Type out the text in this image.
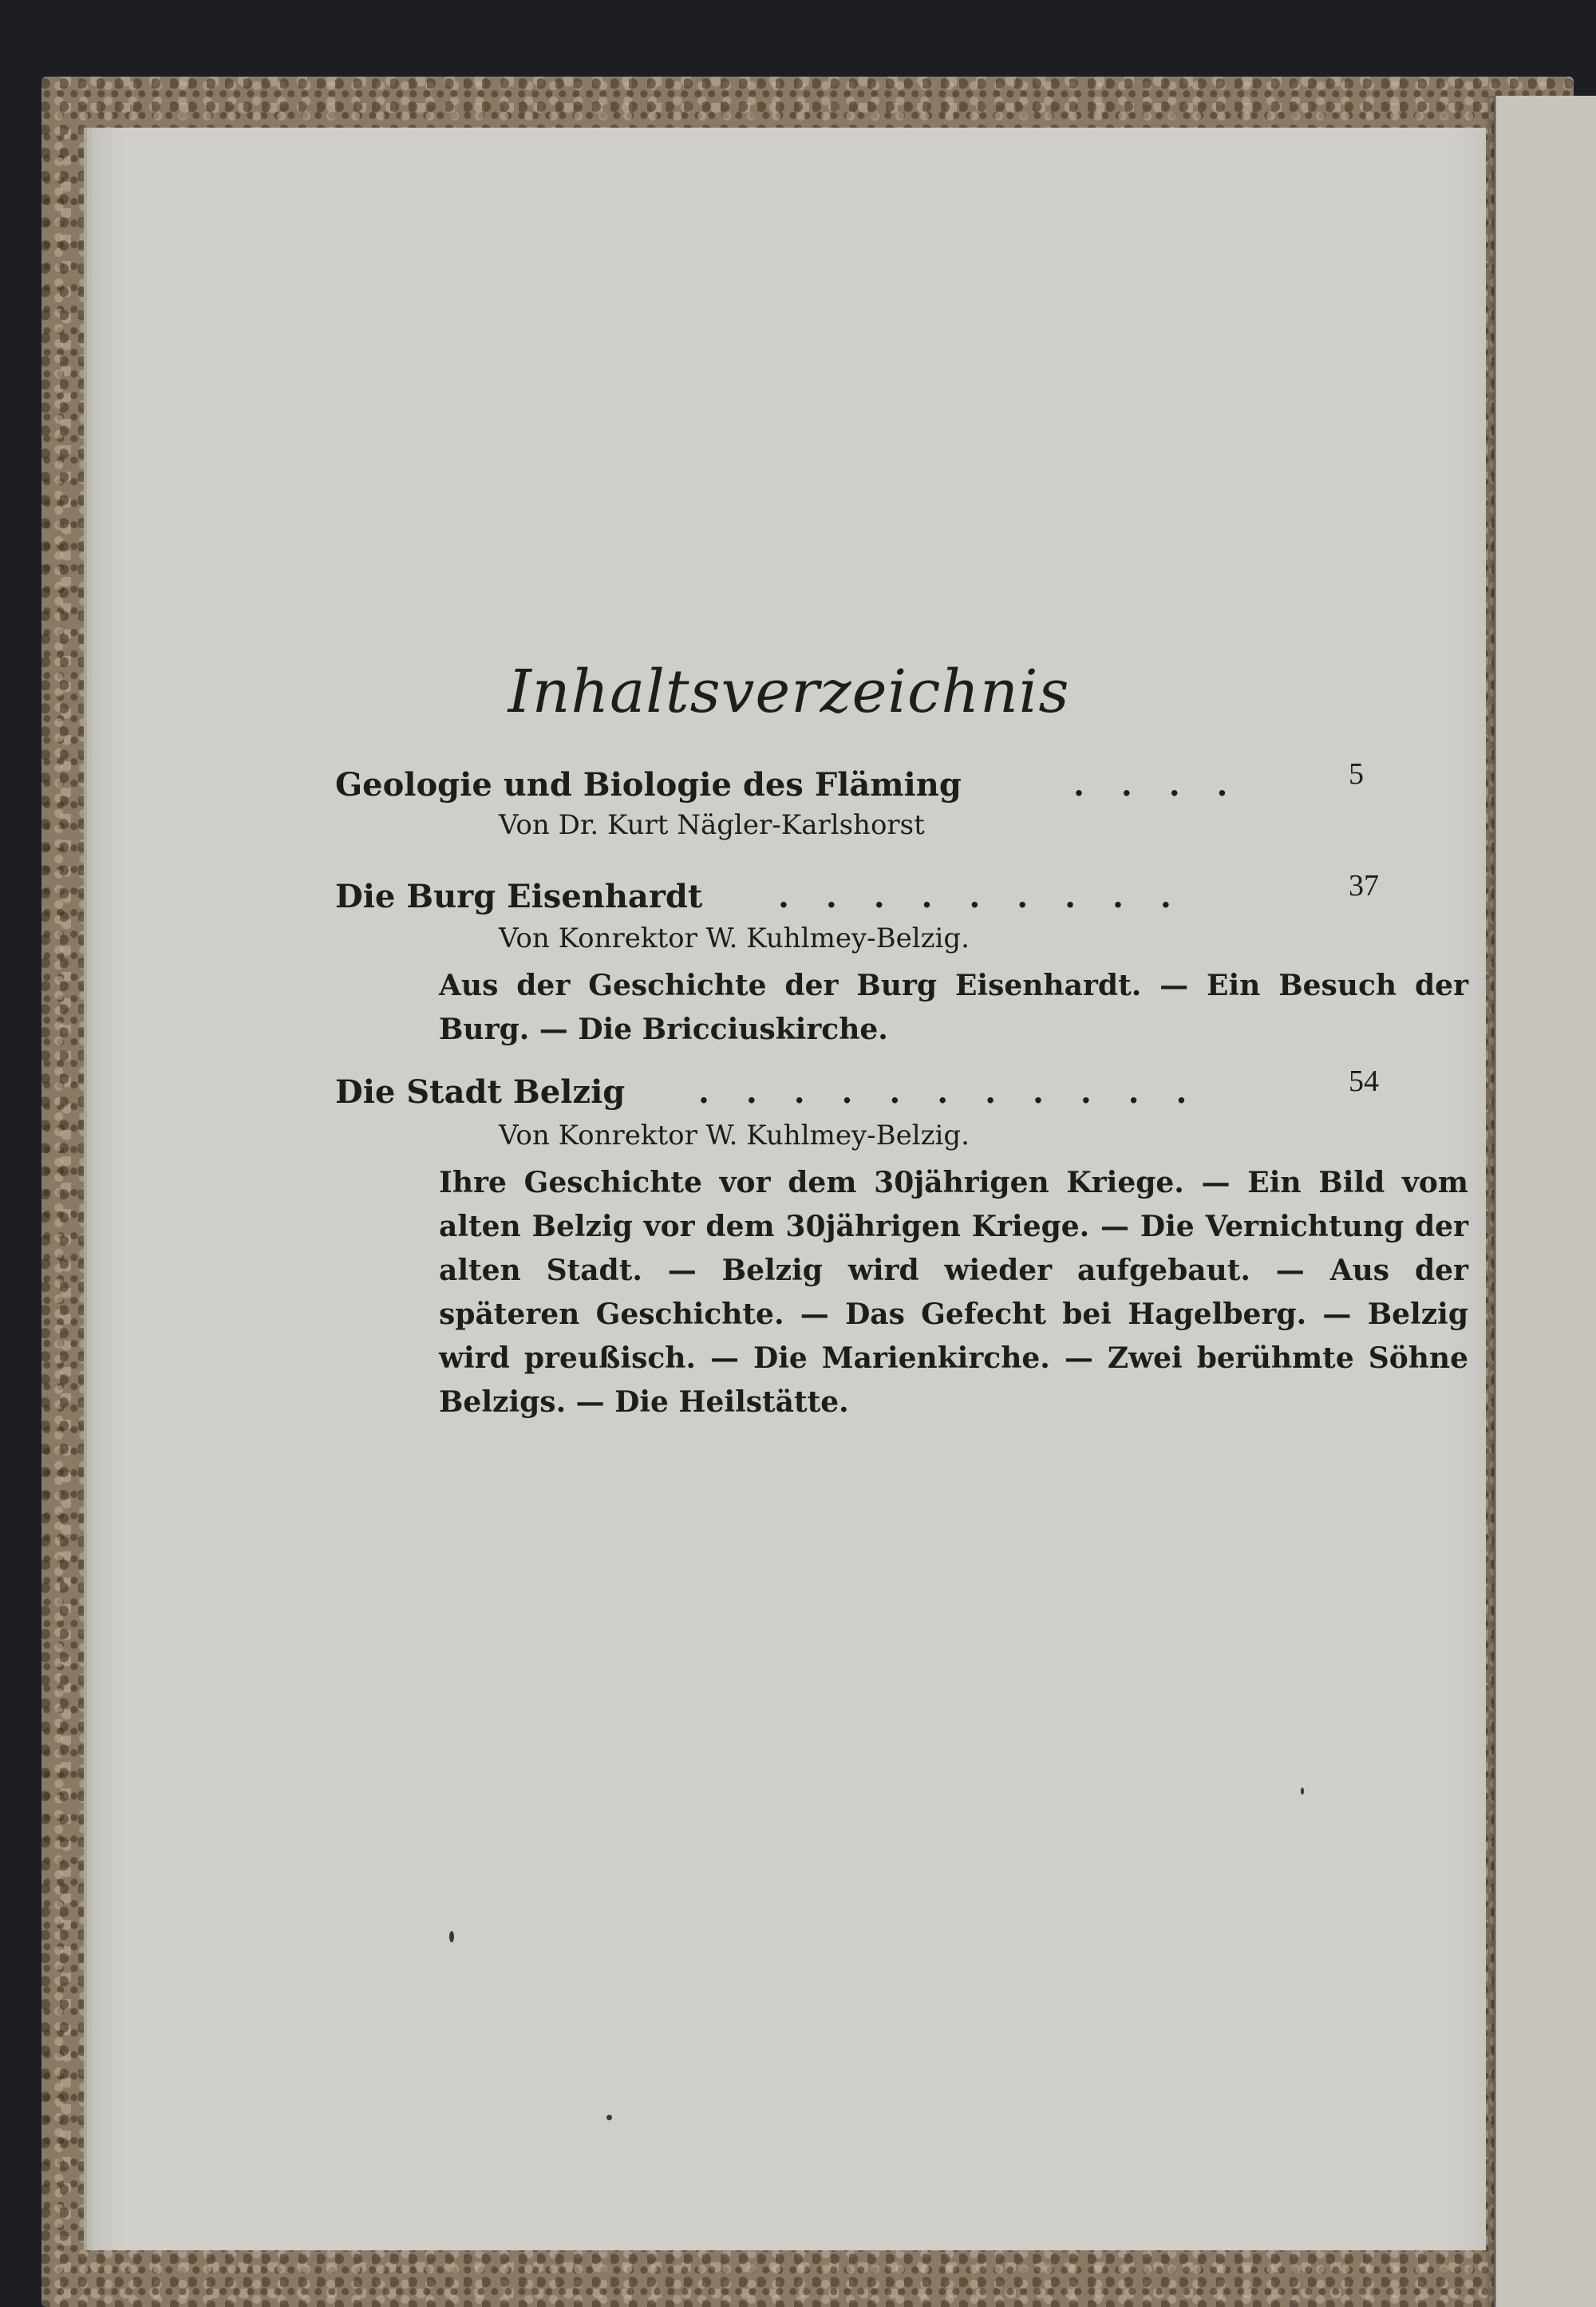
Inhaltsverzeichnis
Geologie und Biologie des Fläming	. . . .	5
Von Dr. Kurt Nägler-Karlshorst
Die Burg Eisenhardt . . . . . . . . .	37
Von Konrektor W. Kuhlmey-Belzig.

Aus der Geschichte der Burg Eisenhardt. — Ein Besuch der Burg. — Die Bricciuskirche.

Die Stadt Belzig . . . . . . . . . . .	54
Von Konrektor W. Kuhlmey-Belzig.

Ihre Geschichte vor dem 30jährigen Kriege. — Ein Bild vom alten Belzig vor dem 30jährigen Kriege. — Die Vernichtung der alten Stadt. — Belzig wird wieder aufgebaut. — Aus der späteren Geschichte. — Das Gefecht bei Hagelberg. — Belzig wird preußisch. — Die Marienkirche. — Zwei berühmte Söhne Belzigs. — Die Heilstätte.
